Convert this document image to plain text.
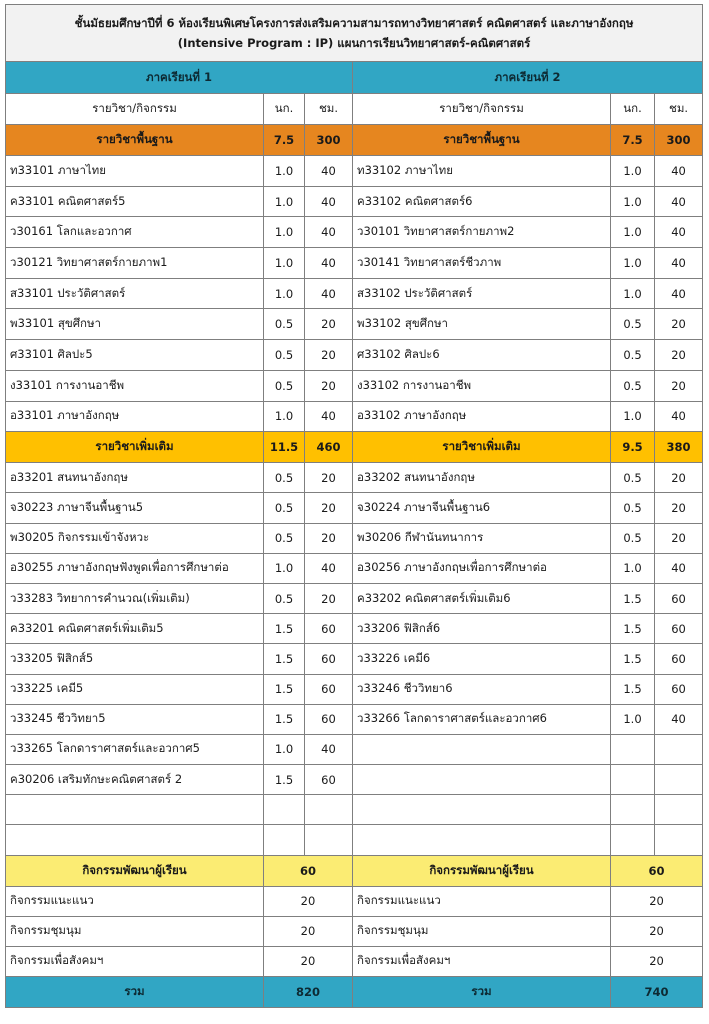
ชั้นมัธยมศึกษาปีที่ 6 ห้องเรียนพิเศษโครงการส่งเสริมความสามารถทางวิทยาศาสตร์ คณิตศาสตร์ และภาษาอังกฤษ
(Intensive Program : IP) แผนการเรียนวิทยาศาสตร์-คณิตศาสตร์					

ภาคเรียนที่ 1			ภาคเรียนที่ 2		
รายวิชา/กิจกรรม	นก.	ชม.	รายวิชา/กิจกรรม	นก.	ชม.
รายวิชาพื้นฐาน	7.5	300	รายวิชาพื้นฐาน	7.5	300
ท33101 ภาษาไทย	1.0	40	ท33102 ภาษาไทย	1.0	40
ค33101 คณิตศาสตร์5	1.0	40	ค33102 คณิตศาสตร์6	1.0	40
ว30161 โลกและอวกาศ	1.0	40	ว30101 วิทยาศาสตร์กายภาพ2	1.0	40
ว30121 วิทยาศาสตร์กายภาพ1	1.0	40	ว30141 วิทยาศาสตร์ชีวภาพ	1.0	40
ส33101 ประวัติศาสตร์	1.0	40	ส33102 ประวัติศาสตร์	1.0	40
พ33101 สุขศึกษา	0.5	20	พ33102 สุขศึกษา	0.5	20
ศ33101 ศิลปะ5	0.5	20	ศ33102 ศิลปะ6	0.5	20
ง33101 การงานอาชีพ	0.5	20	ง33102 การงานอาชีพ	0.5	20
อ33101 ภาษาอังกฤษ	1.0	40	อ33102 ภาษาอังกฤษ	1.0	40
รายวิชาเพิ่มเติม	11.5	460	รายวิชาเพิ่มเติม	9.5	380
อ33201 สนทนาอังกฤษ	0.5	20	อ33202 สนทนาอังกฤษ	0.5	20
จ30223 ภาษาจีนพื้นฐาน5	0.5	20	จ30224 ภาษาจีนพื้นฐาน6	0.5	20
พ30205 กิจกรรมเข้าจังหวะ	0.5	20	พ30206 กีฬานันทนาการ	0.5	20
อ30255 ภาษาอังกฤษฟังพูดเพื่อการศึกษาต่อ	1.0	40	อ30256 ภาษาอังกฤษเพื่อการศึกษาต่อ	1.0	40
ว33283 วิทยาการคำนวณ(เพิ่มเติม)	0.5	20	ค33202 คณิตศาสตร์เพิ่มเติม6	1.5	60
ค33201 คณิตศาสตร์เพิ่มเติม5	1.5	60	ว33206 ฟิสิกส์6	1.5	60
ว33205 ฟิสิกส์5	1.5	60	ว33226 เคมี6	1.5	60
ว33225 เคมี5	1.5	60	ว33246 ชีววิทยา6	1.5	60
ว33245 ชีววิทยา5	1.5	60	ว33266 โลกดาราศาสตร์และอวกาศ6	1.0	40
ว33265 โลกดาราศาสตร์และอวกาศ5	1.0	40			
ค30206 เสริมทักษะคณิตศาสตร์ 2	1.5	60			

กิจกรรมพัฒนาผู้เรียน	60		กิจกรรมพัฒนาผู้เรียน	60	
กิจกรรมแนะแนว	20		กิจกรรมแนะแนว	20	
กิจกรรมชุมนุม	20		กิจกรรมชุมนุม	20	
กิจกรรมเพื่อสังคมฯ	20		กิจกรรมเพื่อสังคมฯ	20	
รวม	820		รวม	740	
